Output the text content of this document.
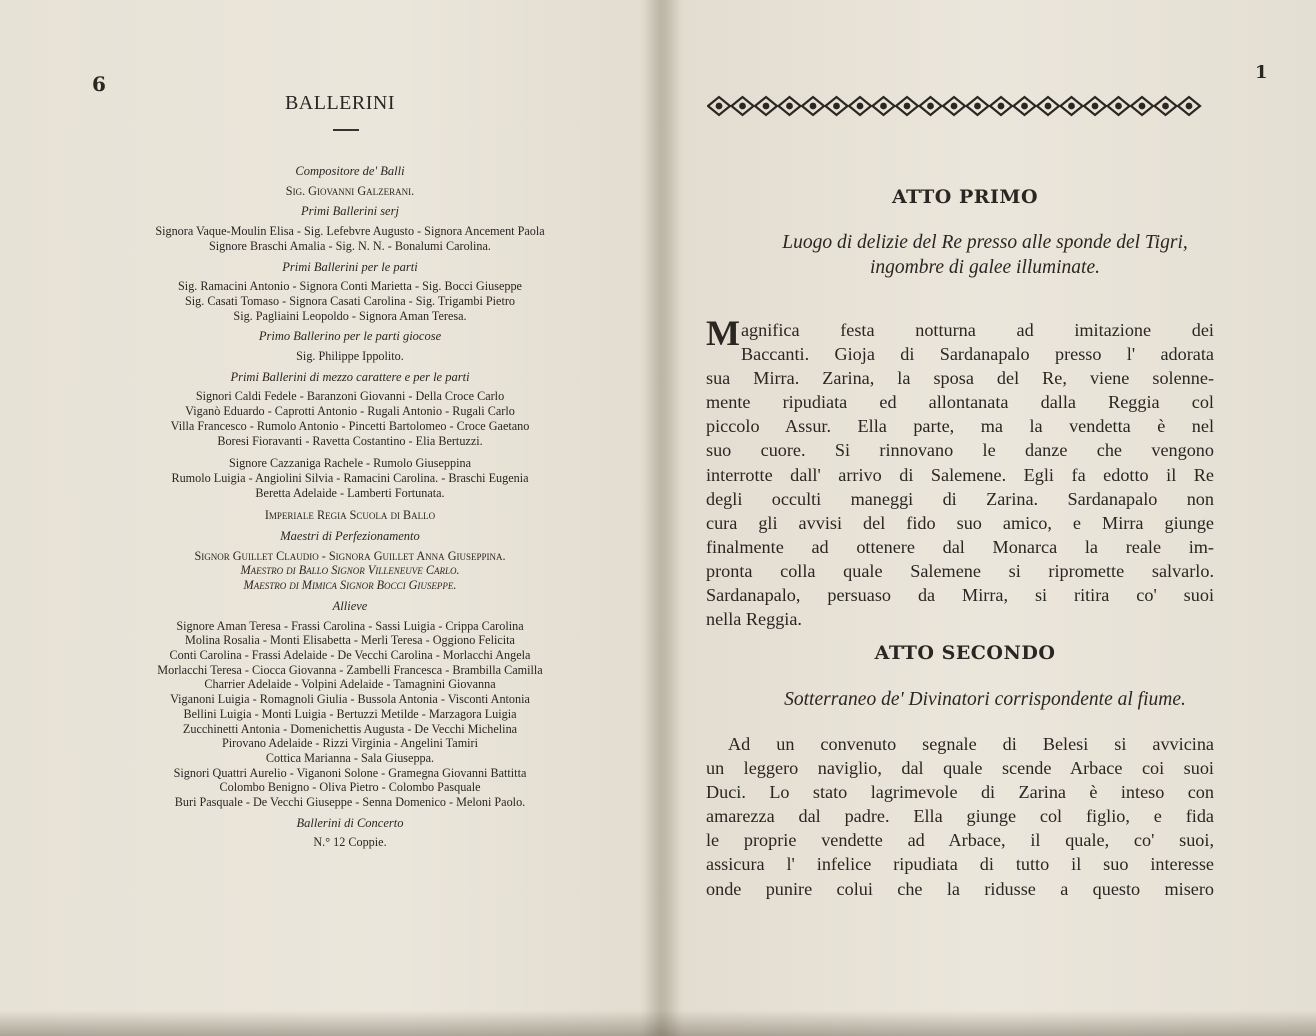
6
BALLERINI
Compositore de' Balli
Sig. Giovanni Galzerani.
Primi Ballerini serj
Signora Vaque-Moulin Elisa - Sig. Lefebvre Augusto - Signora Ancement Paola
Signore Braschi Amalia - Sig. N. N. - Bonalumi Carolina.
Primi Ballerini per le parti
Sig. Ramacini Antonio - Signora Conti Marietta - Sig. Bocci Giuseppe
Sig. Casati Tomaso - Signora Casati Carolina - Sig. Trigambi Pietro
Sig. Pagliaini Leopoldo - Signora Aman Teresa.
Primo Ballerino per le parti giocose
Sig. Philippe Ippolito.
Primi Ballerini di mezzo carattere e per le parti
Signori Caldi Fedele - Baranzoni Giovanni - Della Croce Carlo
Viganò Eduardo - Caprotti Antonio - Rugali Antonio - Rugali Carlo
Villa Francesco - Rumolo Antonio - Pincetti Bartolomeo - Croce Gaetano
Boresi Fioravanti - Ravetta Costantino - Elia Bertuzzi.
Signore Cazzaniga Rachele - Rumolo Giuseppina
Rumolo Luigia - Angiolini Silvia - Ramacini Carolina. - Braschi Eugenia
Beretta Adelaide - Lamberti Fortunata.
Imperiale Regia Scuola di Ballo
Maestri di Perfezionamento
Signor Guillet Claudio - Signora Guillet Anna Giuseppina.
Maestro di Ballo Signor Villeneuve Carlo.
Maestro di Mimica Signor Bocci Giuseppe.
Allieve
Signore Aman Teresa - Frassi Carolina - Sassi Luigia - Crippa Carolina
Molina Rosalia - Monti Elisabetta - Merli Teresa - Oggiono Felicita
Conti Carolina - Frassi Adelaide - De Vecchi Carolina - Morlacchi Angela
Morlacchi Teresa - Ciocca Giovanna - Zambelli Francesca - Brambilla Camilla
Charrier Adelaide - Volpini Adelaide - Tamagnini Giovanna
Viganoni Luigia - Romagnoli Giulia - Bussola Antonia - Visconti Antonia
Bellini Luigia - Monti Luigia - Bertuzzi Metilde - Marzagora Luigia
Zucchinetti Antonia - Domenichettis Augusta - De Vecchi Michelina
Pirovano Adelaide - Rizzi Virginia - Angelini Tamiri
Cottica Marianna - Sala Giuseppa.
Signori Quattri Aurelio - Viganoni Solone - Gramegna Giovanni Battitta
Colombo Benigno - Oliva Pietro - Colombo Pasquale
Buri Pasquale - De Vecchi Giuseppe - Senna Domenico - Meloni Paolo.
Ballerini di Concerto
N.° 12 Coppie.
1
ATTO PRIMO
Luogo di delizie del Re presso alle sponde del Tigri,
ingombre di galee illuminate.
M agnifica festa notturna ad imitazione dei
Baccanti. Gioja di Sardanapalo presso l' adorata
sua Mirra. Zarina, la sposa del Re, viene solenne-
mente ripudiata ed allontanata dalla Reggia col
piccolo Assur. Ella parte, ma la vendetta è nel
suo cuore. Si rinnovano le danze che vengono
interrotte dall' arrivo di Salemene. Egli fa edotto il Re
degli occulti maneggi di Zarina. Sardanapalo non
cura gli avvisi del fido suo amico, e Mirra giunge
finalmente ad ottenere dal Monarca la reale im-
pronta colla quale Salemene si ripromette salvarlo.
Sardanapalo, persuaso da Mirra, si ritira co' suoi
nella Reggia.
ATTO SECONDO
Sotterraneo de' Divinatori corrispondente al fiume.
Ad un convenuto segnale di Belesi si avvicina
un leggero naviglio, dal quale scende Arbace coi suoi
Duci. Lo stato lagrimevole di Zarina è inteso con
amarezza dal padre. Ella giunge col figlio, e fida
le proprie vendette ad Arbace, il quale, co' suoi,
assicura l' infelice ripudiata di tutto il suo interesse
onde punire colui che la ridusse a questo misero
